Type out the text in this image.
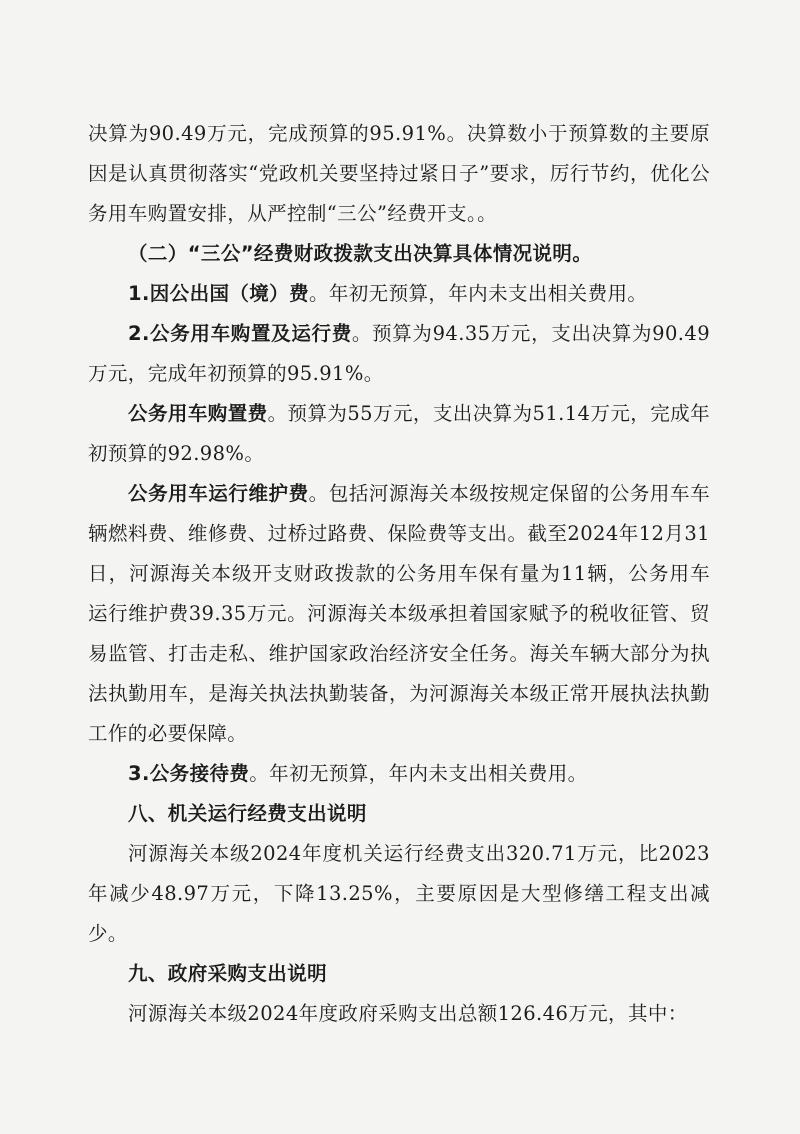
决算为90.49万元，完成预算的95.91%。决算数小于预算数的主要原因是认真贯彻落实“党政机关要坚持过紧日子”要求，厉行节约，优化公务用车购置安排，从严控制“三公”经费开支。。

（二）“三公”经费财政拨款支出决算具体情况说明。

1.因公出国（境）费。年初无预算，年内未支出相关费用。

2.公务用车购置及运行费。预算为94.35万元，支出决算为90.49万元，完成年初预算的95.91%。

公务用车购置费。预算为55万元，支出决算为51.14万元，完成年初预算的92.98%。

公务用车运行维护费。包括河源海关本级按规定保留的公务用车车辆燃料费、维修费、过桥过路费、保险费等支出。截至2024年12月31日，河源海关本级开支财政拨款的公务用车保有量为11辆，公务用车运行维护费39.35万元。河源海关本级承担着国家赋予的税收征管、贸易监管、打击走私、维护国家政治经济安全任务。海关车辆大部分为执法执勤用车，是海关执法执勤装备，为河源海关本级正常开展执法执勤工作的必要保障。

3.公务接待费。年初无预算，年内未支出相关费用。

八、机关运行经费支出说明

河源海关本级2024年度机关运行经费支出320.71万元，比2023年减少48.97万元，下降13.25%，主要原因是大型修缮工程支出减少。

九、政府采购支出说明

河源海关本级2024年度政府采购支出总额126.46万元，其中：
